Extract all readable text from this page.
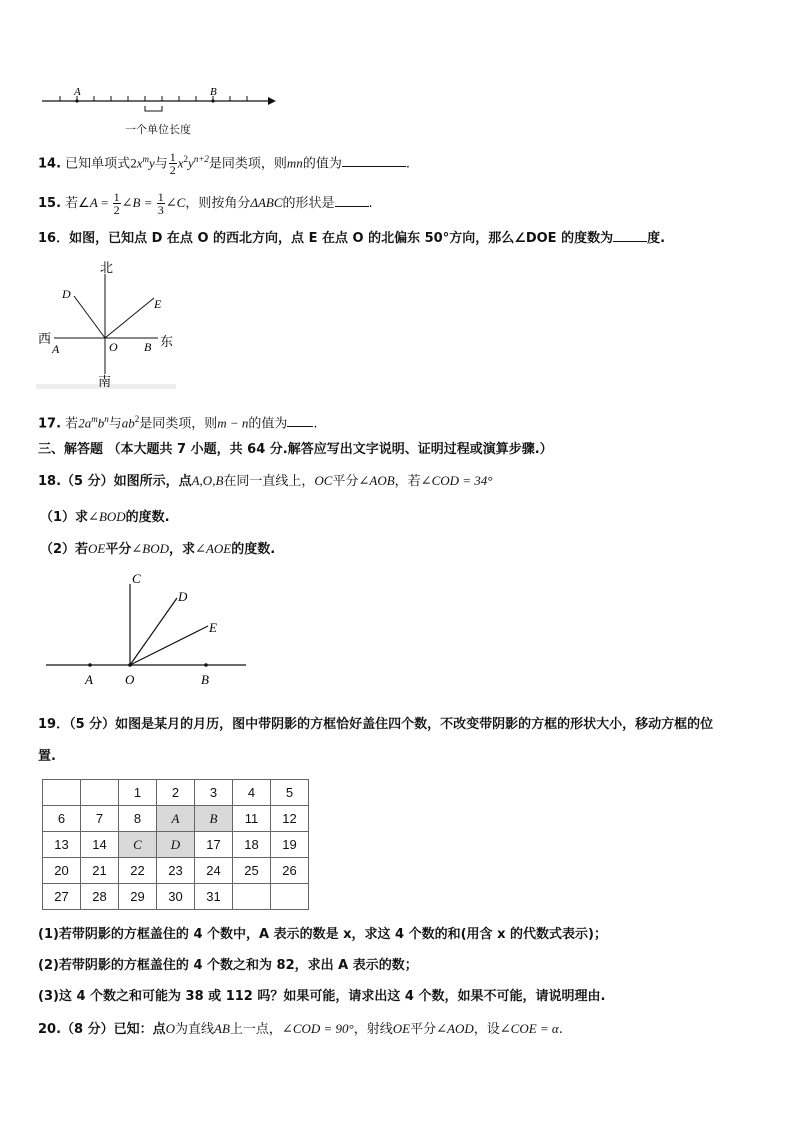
A	B
一个单位长度
14. 已知单项式$2x^my$与 $\frac{1}{2} x^2y^{n+2}$是同类项，则mn的值为	.
15. 若∠A = $\frac{1}{2}$ ∠B = $\frac{1}{3}$ ∠C，则按角分ΔABC的形状是	.
16．如图，已知点 D 在点 O 的西北方向，点 E 在点 O 的北偏东 50°方向，那么∠DOE 的度数为	度.
北
西	东
南
D
E
A	O B
17. 若$2a^mb^n$与$ab^2$是同类项，则m − n的值为 .
三、解答题 （本大题共 7 小题，共 64 分.解答应写出文字说明、证明过程或演算步骤.）
18.（5 分）如图所示，点A,O,B在同一直线上，OC平分∠AOB，若∠COD = 34°
（1）求∠BOD的度数.
（2）若OE平分∠BOD，求∠AOE的度数.
C
D
E
A O	B
19．（5 分）如图是某月的月历，图中带阴影的方框恰好盖住四个数，不改变带阴影的方框的形状大小，移动方框的位
置.
		1	2	3	4	5
6	7	8	A	B	11	12
13	14	C	D	17	18	19
20	21	22	23	24	25	26
27	28	29	30	31		
(1)若带阴影的方框盖住的 4 个数中，A 表示的数是 x，求这 4 个数的和(用含 x 的代数式表示)；
(2)若带阴影的方框盖住的 4 个数之和为 82，求出 A 表示的数；
(3)这 4 个数之和可能为 38 或 112 吗？如果可能，请求出这 4 个数，如果不可能，请说明理由.
20.（8 分）已知：点O为直线AB上一点，∠COD = 90°，射线OE平分∠AOD，设∠COE = α.
